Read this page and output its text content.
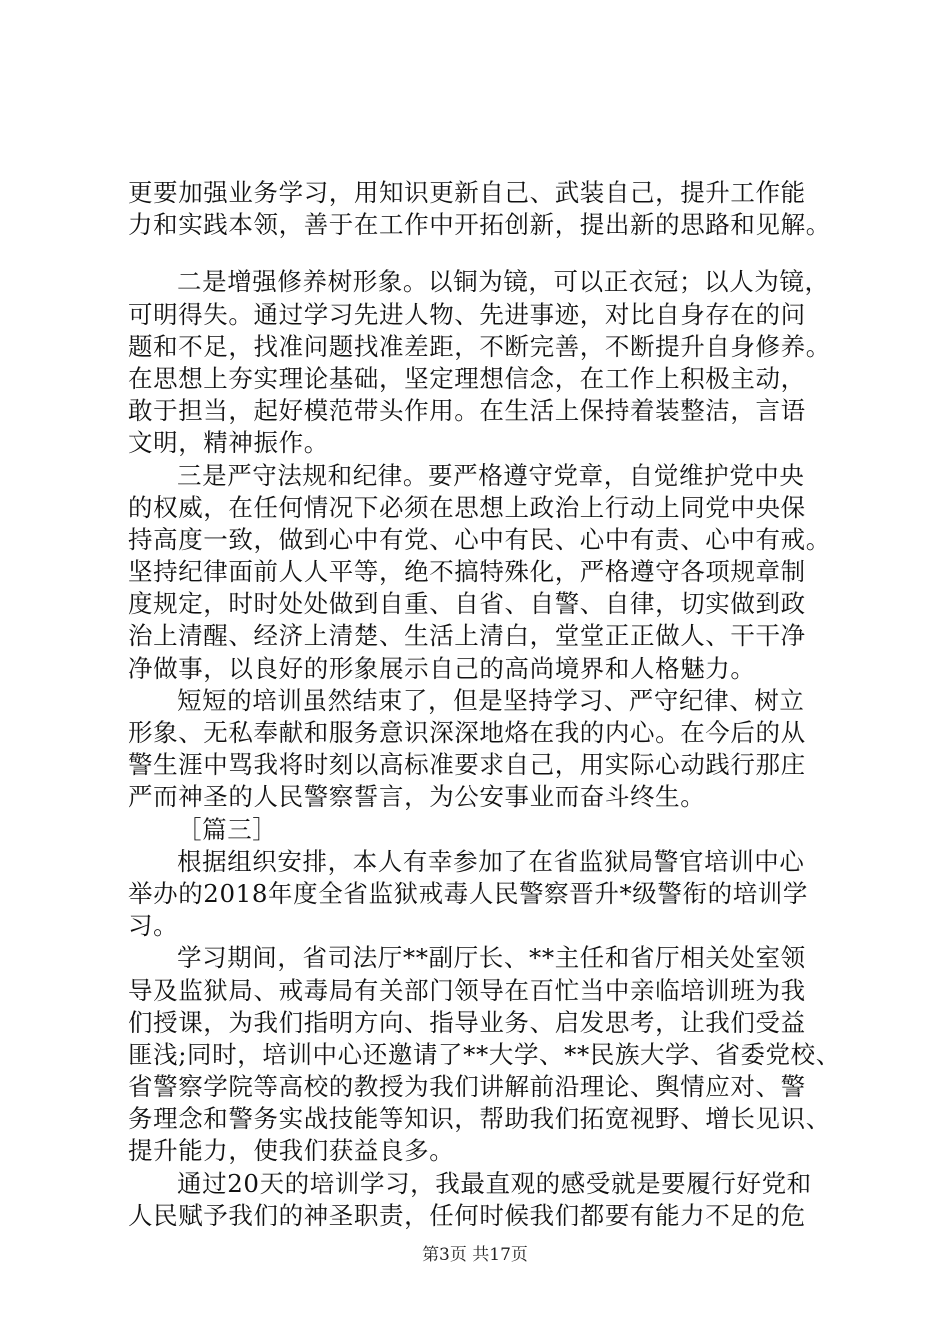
更要加强业务学习，用知识更新自己、武装自己，提升工作能
力和实践本领，善于在工作中开拓创新，提出新的思路和见解。
二是增强修养树形象。以铜为镜，可以正衣冠；以人为镜，
可明得失。通过学习先进人物、先进事迹，对比自身存在的问
题和不足，找准问题找准差距，不断完善，不断提升自身修养。
在思想上夯实理论基础，坚定理想信念，在工作上积极主动，
敢于担当，起好模范带头作用。在生活上保持着装整洁，言语
文明，精神振作。
三是严守法规和纪律。要严格遵守党章，自觉维护党中央
的权威，在任何情况下必须在思想上政治上行动上同党中央保
持高度一致，做到心中有党、心中有民、心中有责、心中有戒。
坚持纪律面前人人平等，绝不搞特殊化，严格遵守各项规章制
度规定，时时处处做到自重、自省、自警、自律，切实做到政
治上清醒、经济上清楚、生活上清白，堂堂正正做人、干干净
净做事，以良好的形象展示自己的高尚境界和人格魅力。
短短的培训虽然结束了，但是坚持学习、严守纪律、树立
形象、无私奉献和服务意识深深地烙在我的内心。在今后的从
警生涯中骂我将时刻以高标准要求自己，用实际心动践行那庄
严而神圣的人民警察誓言，为公安事业而奋斗终生。
［篇三］
根据组织安排，本人有幸参加了在省监狱局警官培训中心
举办的2018年度全省监狱戒毒人民警察晋升*级警衔的培训学
习。
学习期间，省司法厅**副厅长、**主任和省厅相关处室领
导及监狱局、戒毒局有关部门领导在百忙当中亲临培训班为我
们授课，为我们指明方向、指导业务、启发思考，让我们受益
匪浅;同时，培训中心还邀请了**大学、**民族大学、省委党校、
省警察学院等高校的教授为我们讲解前沿理论、舆情应对、警
务理念和警务实战技能等知识，帮助我们拓宽视野、增长见识、
提升能力，使我们获益良多。
通过20天的培训学习，我最直观的感受就是要履行好党和
人民赋予我们的神圣职责，任何时候我们都要有能力不足的危
第3页 共17页
